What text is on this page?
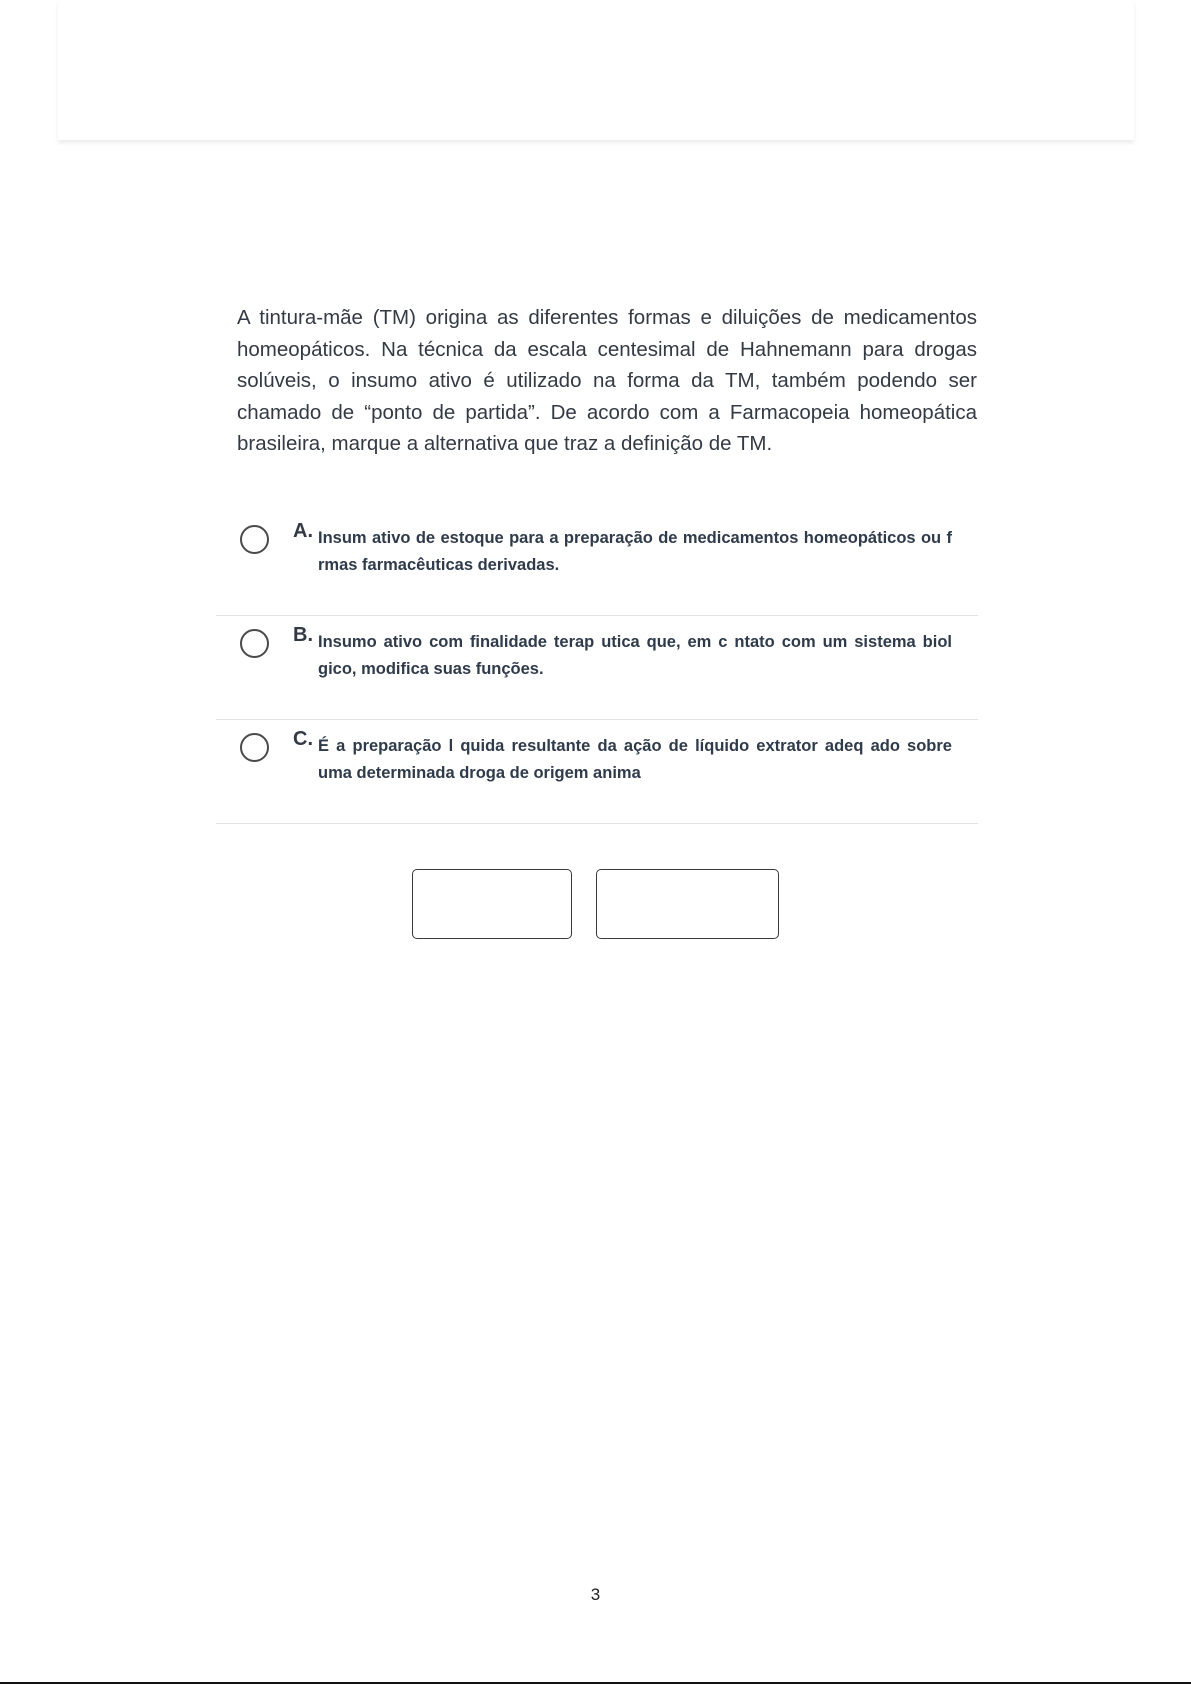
A tintura-mãe (TM) origina as diferentes formas e diluições de medicamentos homeopáticos. Na técnica da escala centesimal de Hahnemann para drogas solúveis, o insumo ativo é utilizado na forma da TM, também podendo ser chamado de “ponto de partida”. De acordo com a Farmacopeia homeopática brasileira, marque a alternativa que traz a definição de TM.

A. Insum ativo de estoque para a preparação de medicamentos homeopáticos ou f rmas farmacêuticas derivadas.

B. Insumo ativo com finalidade terap utica que, em c ntato com um sistema biol gico, modifica suas funções.

C. É a preparação l quida resultante da ação de líquido extrator adeq ado sobre uma determinada droga de origem anima

3
